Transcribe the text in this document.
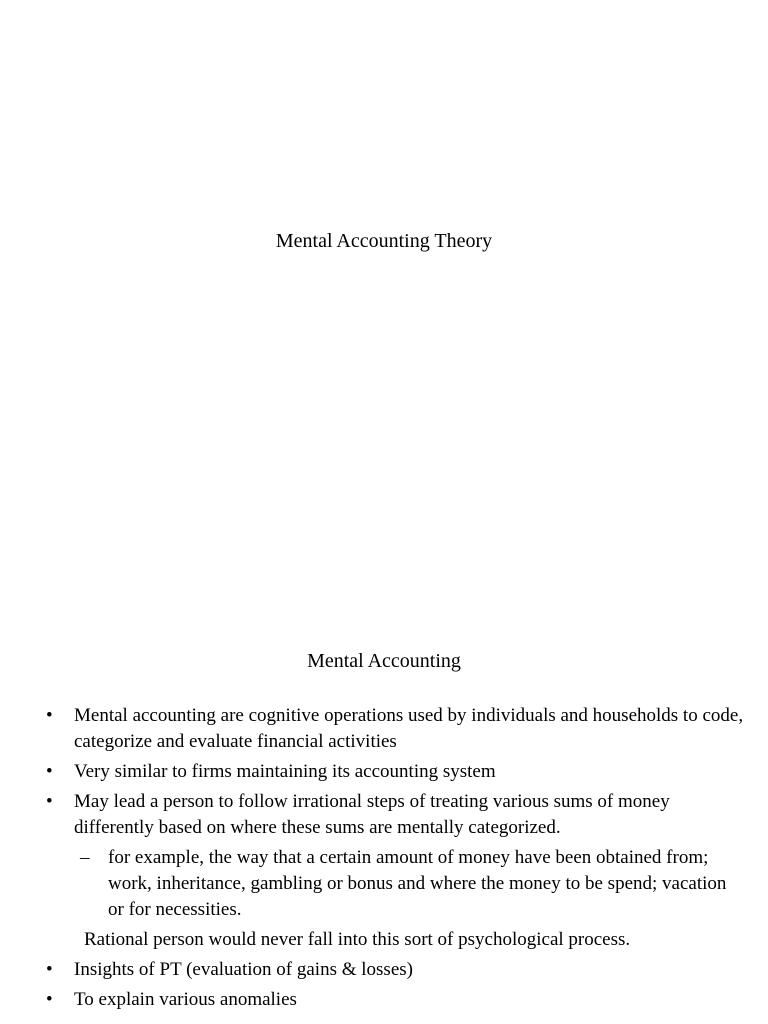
Mental Accounting Theory
Mental Accounting
• Mental accounting are cognitive operations used by individuals and households to code, categorize and evaluate financial activities
• Very similar to firms maintaining its accounting system
• May lead a person to follow irrational steps of treating various sums of money differently based on where these sums are mentally categorized.
– for example, the way that a certain amount of money have been obtained from; work, inheritance, gambling or bonus and where the money to be spend; vacation or for necessities.
Rational person would never fall into this sort of psychological process.
• Insights of PT (evaluation of gains & losses)
• To explain various anomalies
